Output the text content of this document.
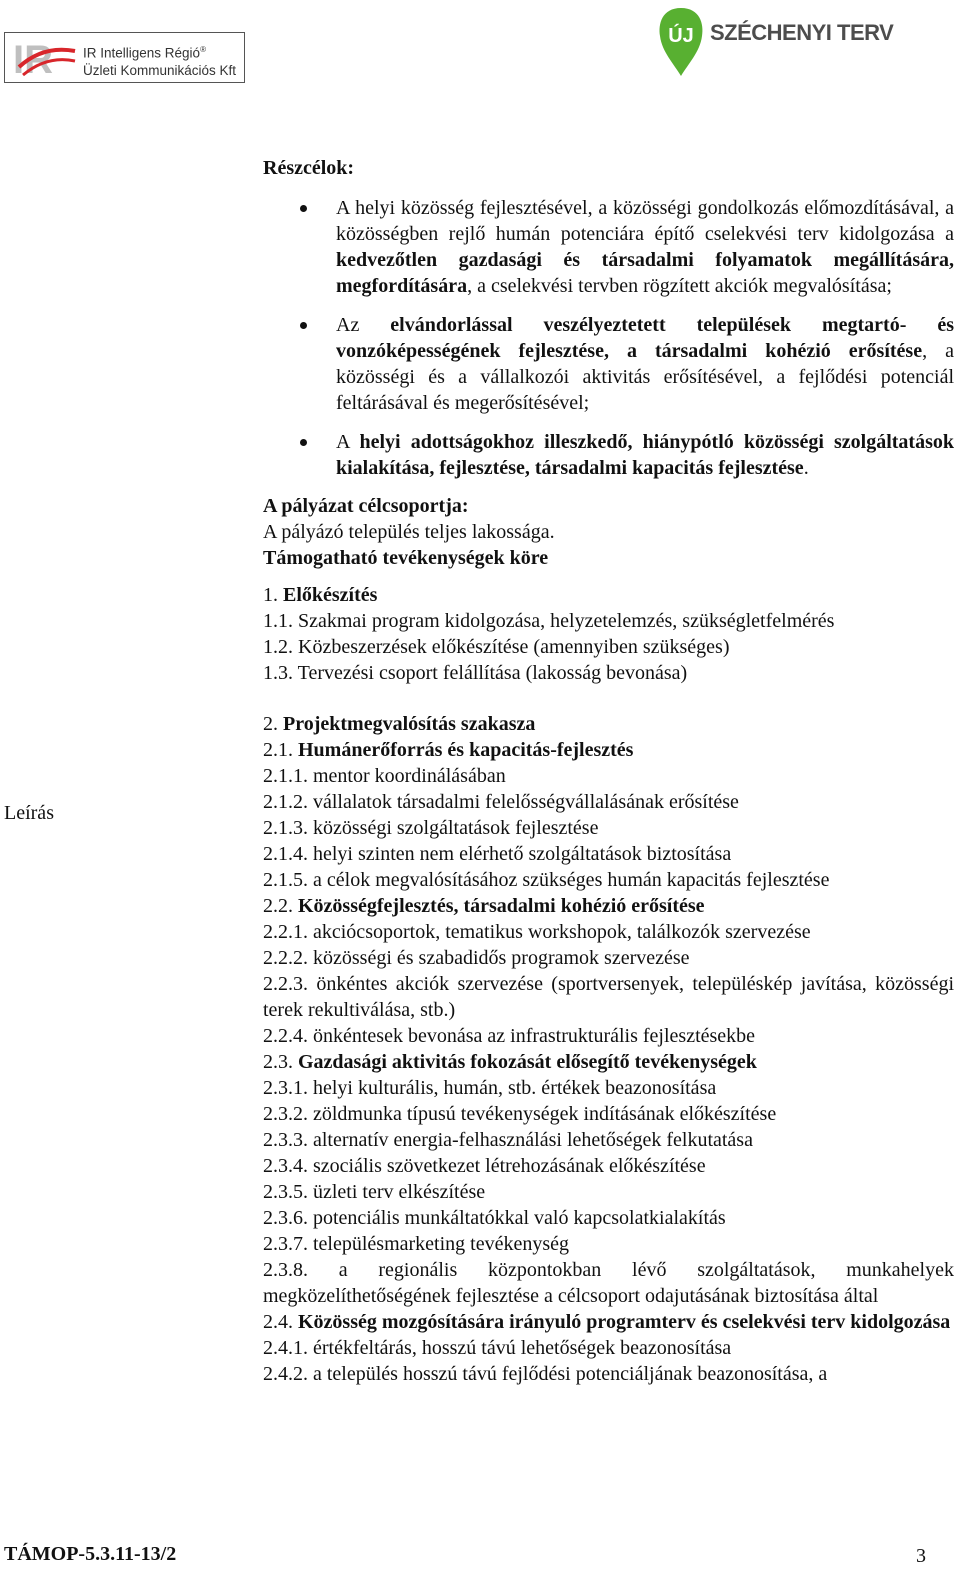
IR IR Intelligens Régió®
Üzleti Kommunikációs Kft
ÚJ SZÉCHENYI TERV
Leírás

Részcélok:

A helyi közösség fejlesztésével, a közösségi gondolkozás előmozdításával, a közösségben rejlő humán potenciára építő cselekvési terv kidolgozása a kedvezőtlen gazdasági és társadalmi folyamatok megállítására, megfordítására, a cselekvési tervben rögzített akciók megvalósítása;
Az elvándorlással veszélyeztetett települések megtartó- és vonzóképességének fejlesztése, a társadalmi kohézió erősítése, a közösségi és a vállalkozói aktivitás erősítésével, a fejlődési potenciál feltárásával és megerősítésével;
A helyi adottságokhoz illeszkedő, hiánypótló közösségi szolgáltatások kialakítása, fejlesztése, társadalmi kapacitás fejlesztése.

A pályázat célcsoportja:

A pályázó település teljes lakossága.

Támogatható tevékenységek köre

1. Előkészítés

1.1. Szakmai program kidolgozása, helyzetelemzés, szükségletfelmérés

1.2. Közbeszerzések előkészítése (amennyiben szükséges)

1.3. Tervezési csoport felállítása (lakosság bevonása)

2. Projektmegvalósítás szakasza

2.1. Humánerőforrás és kapacitás-fejlesztés

2.1.1. mentor koordinálásában

2.1.2. vállalatok társadalmi felelősségvállalásának erősítése

2.1.3. közösségi szolgáltatások fejlesztése

2.1.4. helyi szinten nem elérhető szolgáltatások biztosítása

2.1.5. a célok megvalósításához szükséges humán kapacitás fejlesztése

2.2. Közösségfejlesztés, társadalmi kohézió erősítése

2.2.1. akciócsoportok, tematikus workshopok, találkozók szervezése

2.2.2. közösségi és szabadidős programok szervezése

2.2.3. önkéntes akciók szervezése (sportversenyek, településkép javítása, közösségi terek rekultiválása, stb.)

2.2.4. önkéntesek bevonása az infrastrukturális fejlesztésekbe

2.3. Gazdasági aktivitás fokozását elősegítő tevékenységek

2.3.1. helyi kulturális, humán, stb. értékek beazonosítása

2.3.2. zöldmunka típusú tevékenységek indításának előkészítése

2.3.3. alternatív energia-felhasználási lehetőségek felkutatása

2.3.4. szociális szövetkezet létrehozásának előkészítése

2.3.5. üzleti terv elkészítése

2.3.6. potenciális munkáltatókkal való kapcsolatkialakítás

2.3.7. településmarketing tevékenység

2.3.8. a regionális központokban lévő szolgáltatások, munkahelyek megközelíthetőségének fejlesztése a célcsoport odajutásának biztosítása által

2.4. Közösség mozgósítására irányuló programterv és cselekvési terv kidolgozása

2.4.1. értékfeltárás, hosszú távú lehetőségek beazonosítása

2.4.2. a település hosszú távú fejlődési potenciáljának beazonosítása, a

TÁMOP-5.3.11-13/2	3
